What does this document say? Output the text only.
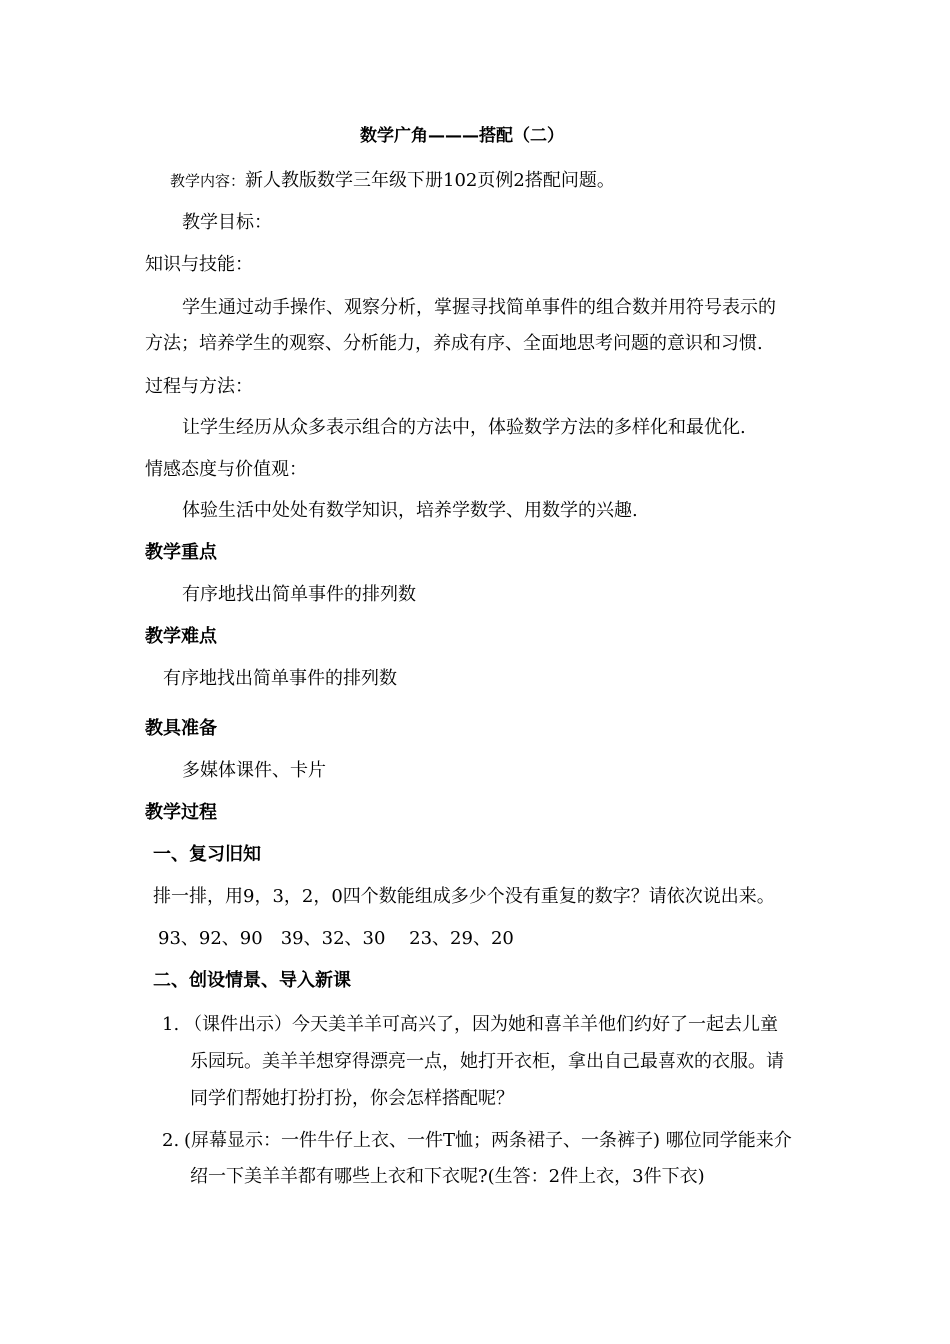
数学广角———搭配（二）
教学内容：新人教版数学三年级下册102页例2搭配问题。
教学目标：
知识与技能：
学生通过动手操作、观察分析，掌握寻找简单事件的组合数并用符号表示的
方法；培养学生的观察、分析能力，养成有序、全面地思考问题的意识和习惯.
过程与方法：
让学生经历从众多表示组合的方法中，体验数学方法的多样化和最优化.
情感态度与价值观：
体验生活中处处有数学知识，培养学数学、用数学的兴趣.
教学重点
有序地找出简单事件的排列数
教学难点
有序地找出简单事件的排列数
教具准备
多媒体课件、卡片
教学过程
一、复习旧知
排一排，用9，3，2，0四个数能组成多少个没有重复的数字？请依次说出来。
93、92、90　39、32、30　 23、29、20
二、创设情景、导入新课
1. （课件出示）今天美羊羊可高兴了，因为她和喜羊羊他们约好了一起去儿童
乐园玩。美羊羊想穿得漂亮一点，她打开衣柜，拿出自己最喜欢的衣服。请
同学们帮她打扮打扮，你会怎样搭配呢？
2. (屏幕显示：一件牛仔上衣、一件T恤；两条裙子、一条裤子) 哪位同学能来介
绍一下美羊羊都有哪些上衣和下衣呢?(生答：2件上衣，3件下衣)
